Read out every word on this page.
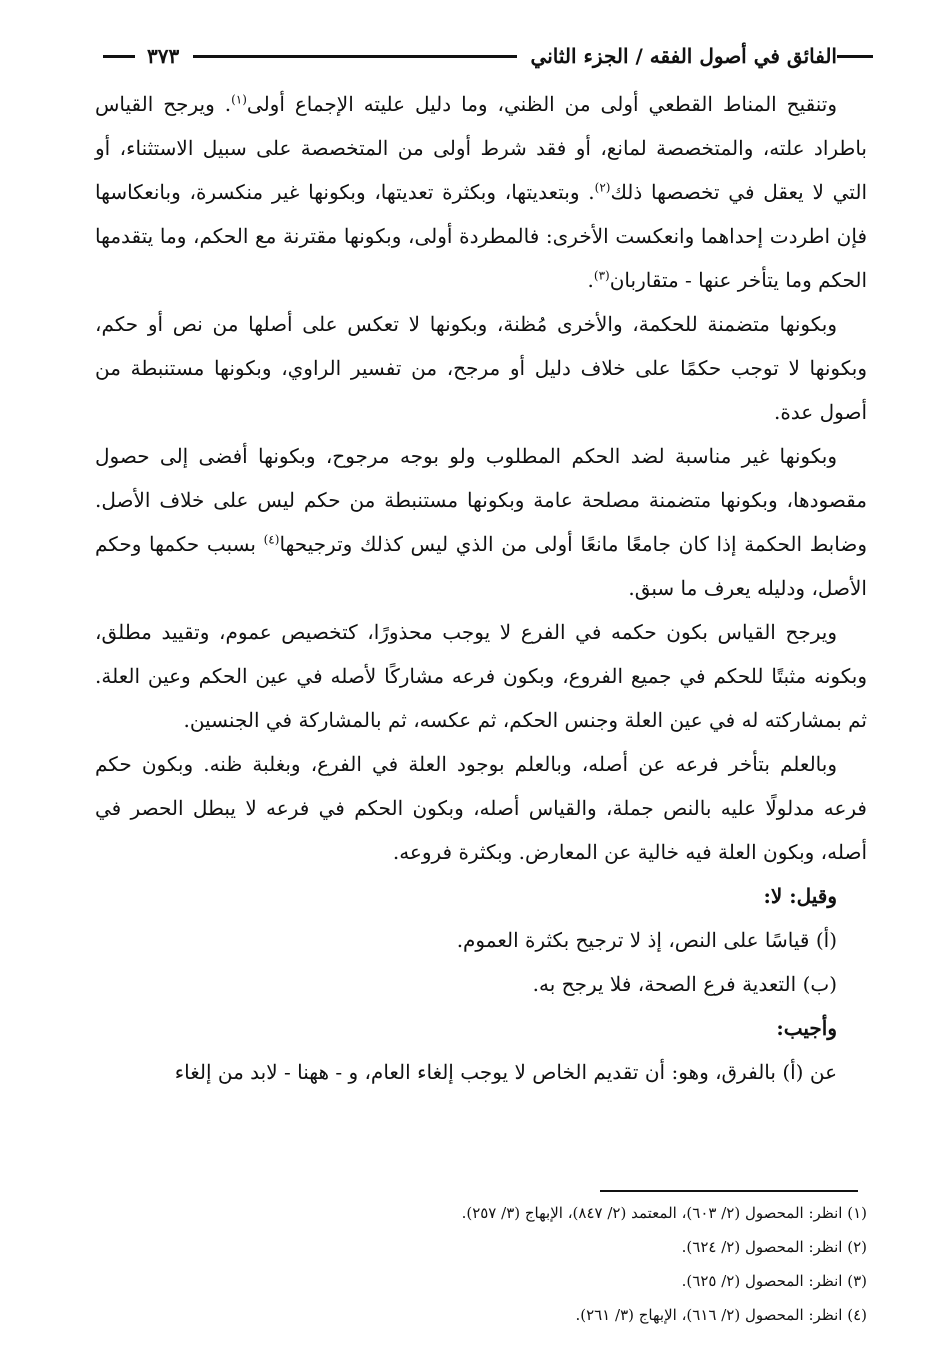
الفائق في أصول الفقه / الجزء الثاني
٣٧٣

وتنقيح المناط القطعي أولى من الظني، وما دليل عليته الإجماع أولى$^{(١)}$. ويرجح القياس باطراد علته، والمتخصصة لمانع، أو فقد شرط أولى من المتخصصة على سبيل الاستثناء، أو التي لا يعقل في تخصصها ذلك$^{(٢)}$. وبتعديتها، وبكثرة تعديتها، وبكونها غير منكسرة، وبانعكاسها فإن اطردت إحداهما وانعكست الأخرى: فالمطردة أولى، وبكونها مقترنة مع الحكم، وما يتقدمها الحكم وما يتأخر عنها - متقاربان$^{(٣)}$.

وبكونها متضمنة للحكمة، والأخرى مُظنة، وبكونها لا تعكس على أصلها من نص أو حكم، وبكونها لا توجب حكمًا على خلاف دليل أو مرجح، من تفسير الراوي، وبكونها مستنبطة من أصول عدة.

وبكونها غير مناسبة لضد الحكم المطلوب ولو بوجه مرجوح، وبكونها أفضى إلى حصول مقصودها، وبكونها متضمنة مصلحة عامة وبكونها مستنبطة من حكم ليس على خلاف الأصل. وضابط الحكمة إذا كان جامعًا مانعًا أولى من الذي ليس كذلك وترجيحها$^{(٤)}$ بسبب حكمها وحكم الأصل، ودليله يعرف ما سبق.

ويرجح القياس بكون حكمه في الفرع لا يوجب محذورًا، كتخصيص عموم، وتقييد مطلق، وبكونه مثبتًا للحكم في جميع الفروع، وبكون فرعه مشاركًا لأصله في عين الحكم وعين العلة. ثم بمشاركته له في عين العلة وجنس الحكم، ثم عكسه، ثم بالمشاركة في الجنسين.

وبالعلم بتأخر فرعه عن أصله، وبالعلم بوجود العلة في الفرع، وبغلبة ظنه. وبكون حكم فرعه مدلولًا عليه بالنص جملة، والقياس أصله، وبكون الحكم في فرعه لا يبطل الحصر في أصله، وبكون العلة فيه خالية عن المعارض. وبكثرة فروعه.

وقيل: لا:

(أ) قياسًا على النص، إذ لا ترجيح بكثرة العموم.

(ب) التعدية فرع الصحة، فلا يرجح به.

وأجيب:

عن (أ) بالفرق، وهو: أن تقديم الخاص لا يوجب إلغاء العام، و - ههنا - لابد من إلغاء

(١) انظر: المحصول (٢/ ٦٠٣)، المعتمد (٢/ ٨٤٧)، الإبهاج (٣/ ٢٥٧).

(٢) انظر: المحصول (٢/ ٦٢٤).

(٣) انظر: المحصول (٢/ ٦٢٥).

(٤) انظر: المحصول (٢/ ٦١٦)، الإبهاج (٣/ ٢٦١).
